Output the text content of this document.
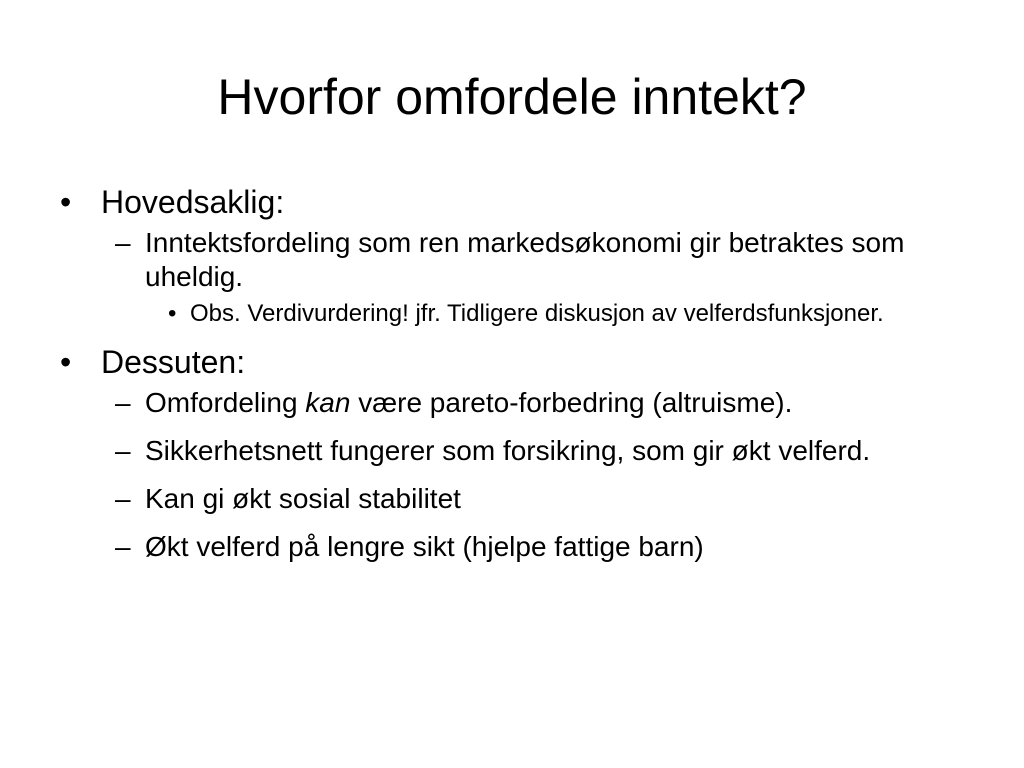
Hvorfor omfordele inntekt?
• Hovedsaklig:
– Inntektsfordeling som ren markedsøkonomi gir betraktes som uheldig.
• Obs. Verdivurdering! jfr. Tidligere diskusjon av velferdsfunksjoner.
• Dessuten:
– Omfordeling kan være pareto-forbedring (altruisme).
– Sikkerhetsnett fungerer som forsikring, som gir økt velferd.
– Kan gi økt sosial stabilitet
– Økt velferd på lengre sikt (hjelpe fattige barn)
